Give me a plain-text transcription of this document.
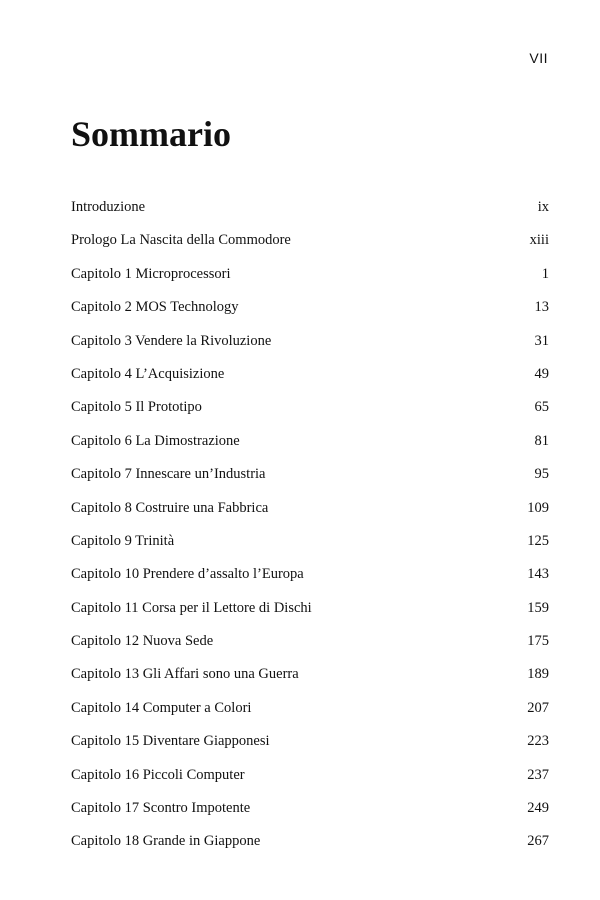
VII
Sommario
Introduzione	ix
Prologo La Nascita della Commodore	xiii
Capitolo 1 Microprocessori	1
Capitolo 2 MOS Technology	13
Capitolo 3 Vendere la Rivoluzione	31
Capitolo 4 L’Acquisizione	49
Capitolo 5 Il Prototipo	65
Capitolo 6 La Dimostrazione	81
Capitolo 7 Innescare un’Industria	95
Capitolo 8 Costruire una Fabbrica	109
Capitolo 9 Trinità	125
Capitolo 10 Prendere d’assalto l’Europa	143
Capitolo 11 Corsa per il Lettore di Dischi	159
Capitolo 12 Nuova Sede	175
Capitolo 13 Gli Affari sono una Guerra	189
Capitolo 14 Computer a Colori	207
Capitolo 15 Diventare Giapponesi	223
Capitolo 16 Piccoli Computer	237
Capitolo 17 Scontro Impotente	249
Capitolo 18 Grande in Giappone	267
